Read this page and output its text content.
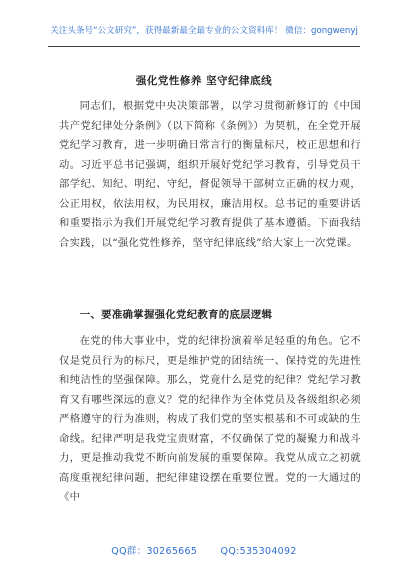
关注头条号“公文研究”，获得最新最全最专业的公文资料库！ 微信：gongwenyj
强化党性修养 坚守纪律底线

同志们，根据党中央决策部署，以学习贯彻新修订的《中国共产党纪律处分条例》（以下简称《条例》）为契机，在全党开展党纪学习教育，进一步明确日常言行的衡量标尺，校正思想和行动。习近平总书记强调，组织开展好党纪学习教育，引导党员干部学纪、知纪、明纪、守纪，督促领导干部树立正确的权力观，公正用权，依法用权，为民用权，廉洁用权。总书记的重要讲话和重要指示为我们开展党纪学习教育提供了基本遵循。下面我结合实践，以“强化党性修养，坚守纪律底线”给大家上一次党课。

一、要准确掌握强化党纪教育的底层逻辑

在党的伟大事业中，党的纪律扮演着举足轻重的角色。它不仅是党员行为的标尺，更是维护党的团结统一、保持党的先进性和纯洁性的坚强保障。那么，党竟什么是党的纪律？党纪学习教育又有哪些深远的意义？党的纪律作为全体党员及各级组织必须严格遵守的行为准则，构成了我们党的坚实根基和不可或缺的生命线。纪律严明是我党宝贵财富，不仅确保了党的凝聚力和战斗力，更是推动我党不断向前发展的重要保障。我党从成立之初就高度重视纪律问题，把纪律建设摆在重要位置。党的一大通过的《中

QQ群：30265665 QQ:535304092
